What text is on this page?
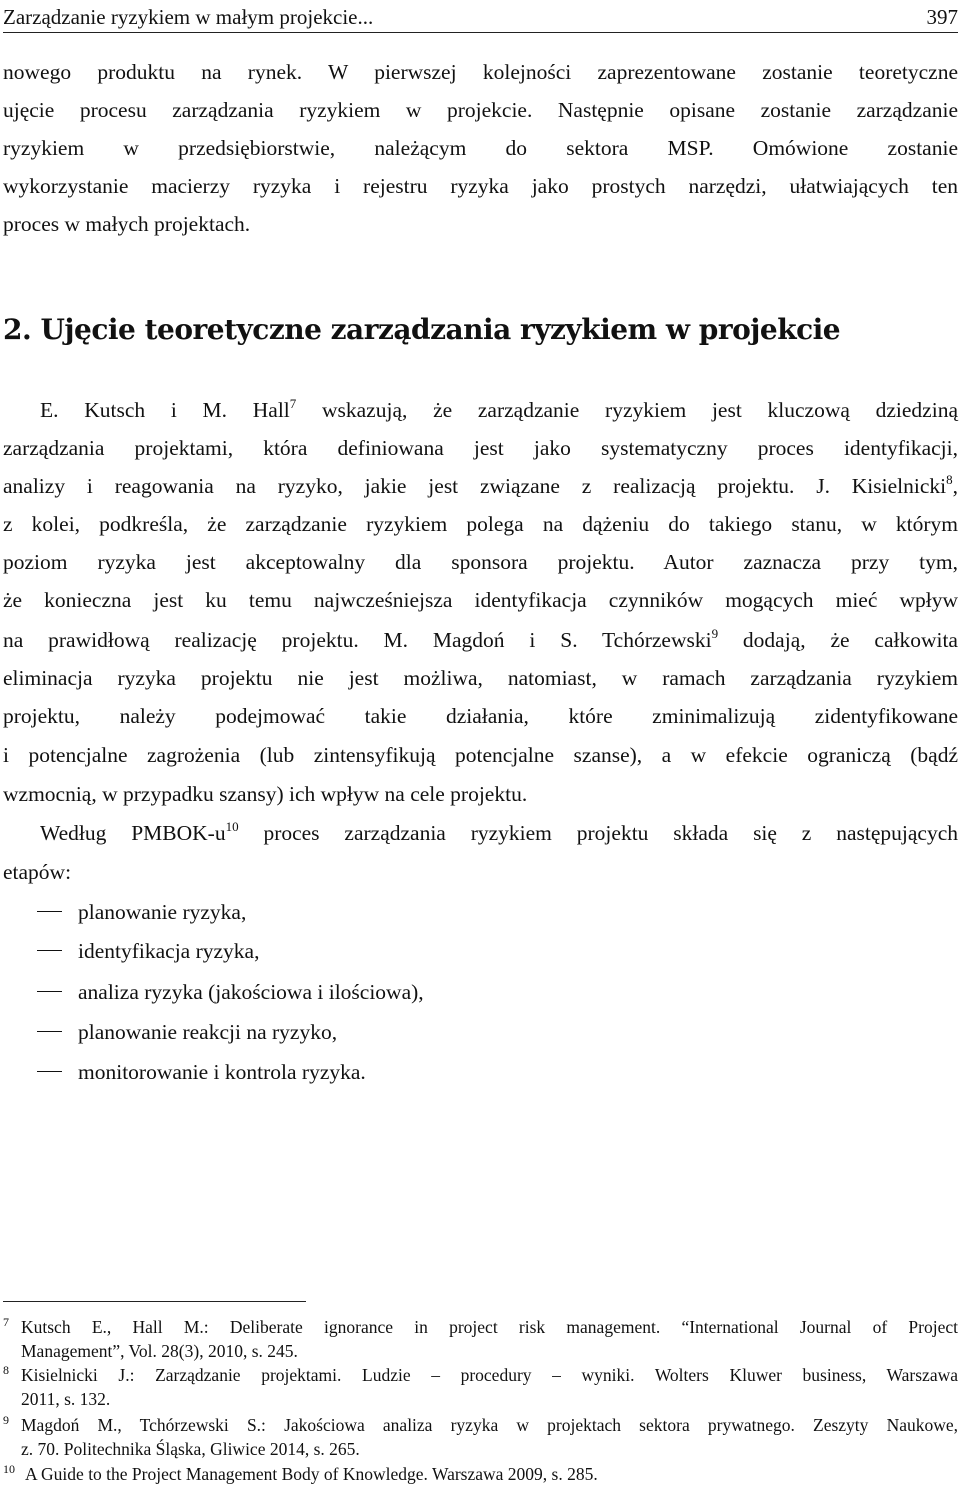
Zarządzanie ryzykiem w małym projekcie...	397
nowego produktu na rynek. W pierwszej kolejności zaprezentowane zostanie teoretyczne
ujęcie procesu zarządzania ryzykiem w projekcie. Następnie opisane zostanie zarządzanie
ryzykiem w przedsiębiorstwie, należącym do sektora MSP. Omówione zostanie
wykorzystanie macierzy ryzyka i rejestru ryzyka jako prostych narzędzi, ułatwiających ten
proces w małych projektach.
2. Ujęcie teoretyczne zarządzania ryzykiem w projekcie
E. Kutsch i M. Hall$^7$ wskazują, że zarządzanie ryzykiem jest kluczową dziedziną
zarządzania projektami, która definiowana jest jako systematyczny proces identyfikacji,
analizy i reagowania na ryzyko, jakie jest związane z realizacją projektu. J. Kisielnicki$^8$,
z kolei, podkreśla, że zarządzanie ryzykiem polega na dążeniu do takiego stanu, w którym
poziom ryzyka jest akceptowalny dla sponsora projektu. Autor zaznacza przy tym,
że konieczna jest ku temu najwcześniejsza identyfikacja czynników mogących mieć wpływ
na prawidłową realizację projektu. M. Magdoń i S. Tchórzewski$^9$ dodają, że całkowita
eliminacja ryzyka projektu nie jest możliwa, natomiast, w ramach zarządzania ryzykiem
projektu, należy podejmować takie działania, które zminimalizują zidentyfikowane
i potencjalne zagrożenia (lub zintensyfikują potencjalne szanse), a w efekcie ograniczą (bądź
wzmocnią, w przypadku szansy) ich wpływ na cele projektu.
Według PMBOK-$u^{10}$ proces zarządzania ryzykiem projektu składa się z następujących
etapów:
planowanie ryzyka,
identyfikacja ryzyka,
analiza ryzyka (jakościowa i ilościowa),
planowanie reakcji na ryzyko,
monitorowanie i kontrola ryzyka.
7 Kutsch E., Hall M.: Deliberate ignorance in project risk management. “International Journal of Project
Management”, Vol. 28(3), 2010, s. 245.
8 Kisielnicki J.: Zarządzanie projektami. Ludzie – procedury – wyniki. Wolters Kluwer business, Warszawa
2011, s. 132.
9 Magdoń M., Tchórzewski S.: Jakościowa analiza ryzyka w projektach sektora prywatnego. Zeszyty Naukowe,
z. 70. Politechnika Śląska, Gliwice 2014, s. 265.
10 A Guide to the Project Management Body of Knowledge. Warszawa 2009, s. 285.
